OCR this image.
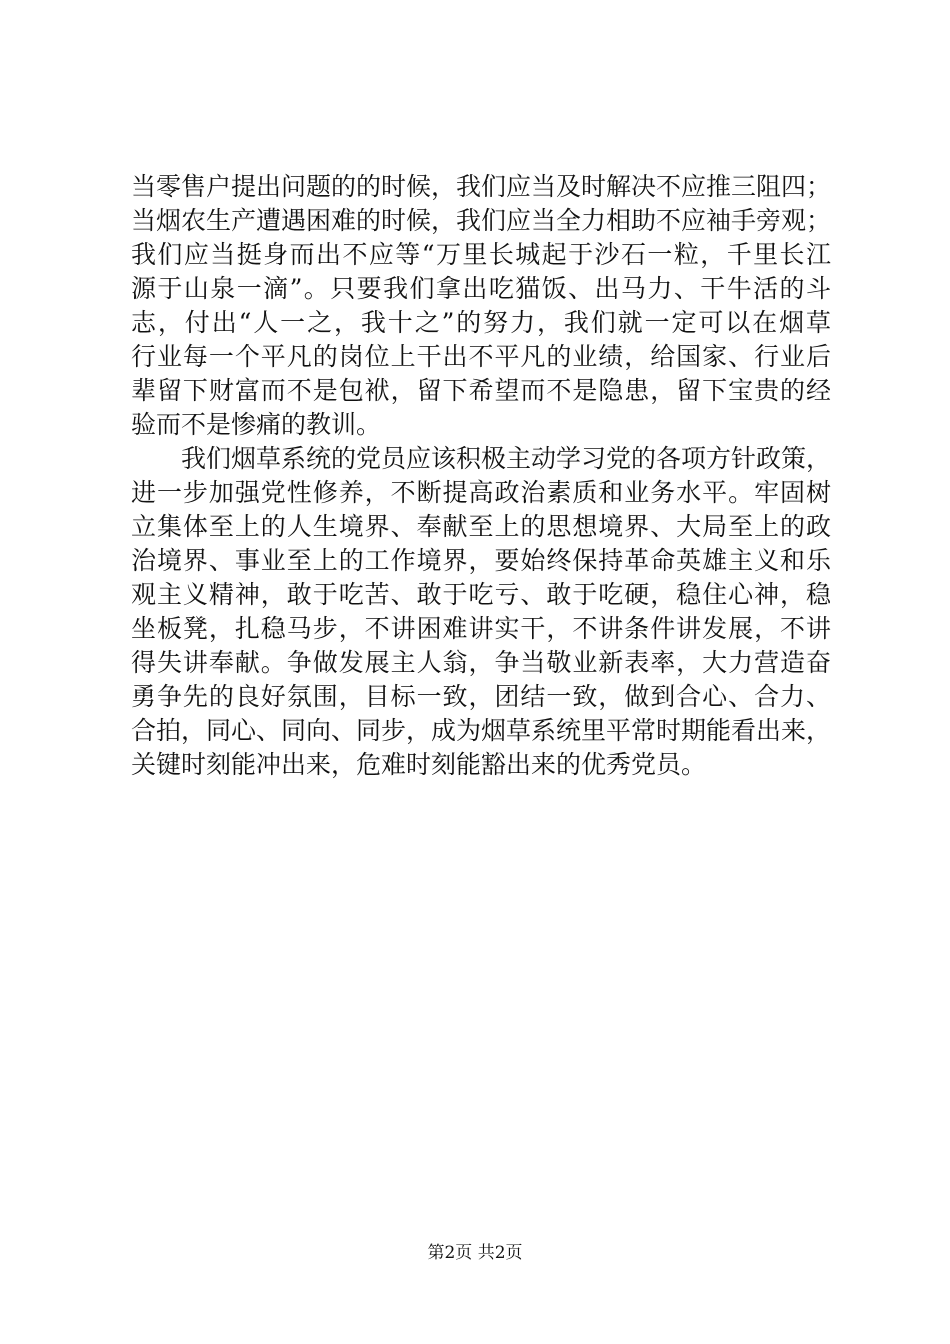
当零售户提出问题的的时候，我们应当及时解决不应推三阻四；
当烟农生产遭遇困难的时候，我们应当全力相助不应袖手旁观；
我们应当挺身而出不应等“万里长城起于沙石一粒，千里长江
源于山泉一滴”。只要我们拿出吃猫饭、出马力、干牛活的斗
志，付出“人一之，我十之”的努力，我们就一定可以在烟草
行业每一个平凡的岗位上干出不平凡的业绩，给国家、行业后
辈留下财富而不是包袱，留下希望而不是隐患，留下宝贵的经
验而不是惨痛的教训。
我们烟草系统的党员应该积极主动学习党的各项方针政策，
进一步加强党性修养，不断提高政治素质和业务水平。牢固树
立集体至上的人生境界、奉献至上的思想境界、大局至上的政
治境界、事业至上的工作境界，要始终保持革命英雄主义和乐
观主义精神，敢于吃苦、敢于吃亏、敢于吃硬，稳住心神，稳
坐板凳，扎稳马步，不讲困难讲实干，不讲条件讲发展，不讲
得失讲奉献。争做发展主人翁，争当敬业新表率，大力营造奋
勇争先的良好氛围，目标一致，团结一致，做到合心、合力、
合拍，同心、同向、同步，成为烟草系统里平常时期能看出来，
关键时刻能冲出来，危难时刻能豁出来的优秀党员。
第2页 共2页
